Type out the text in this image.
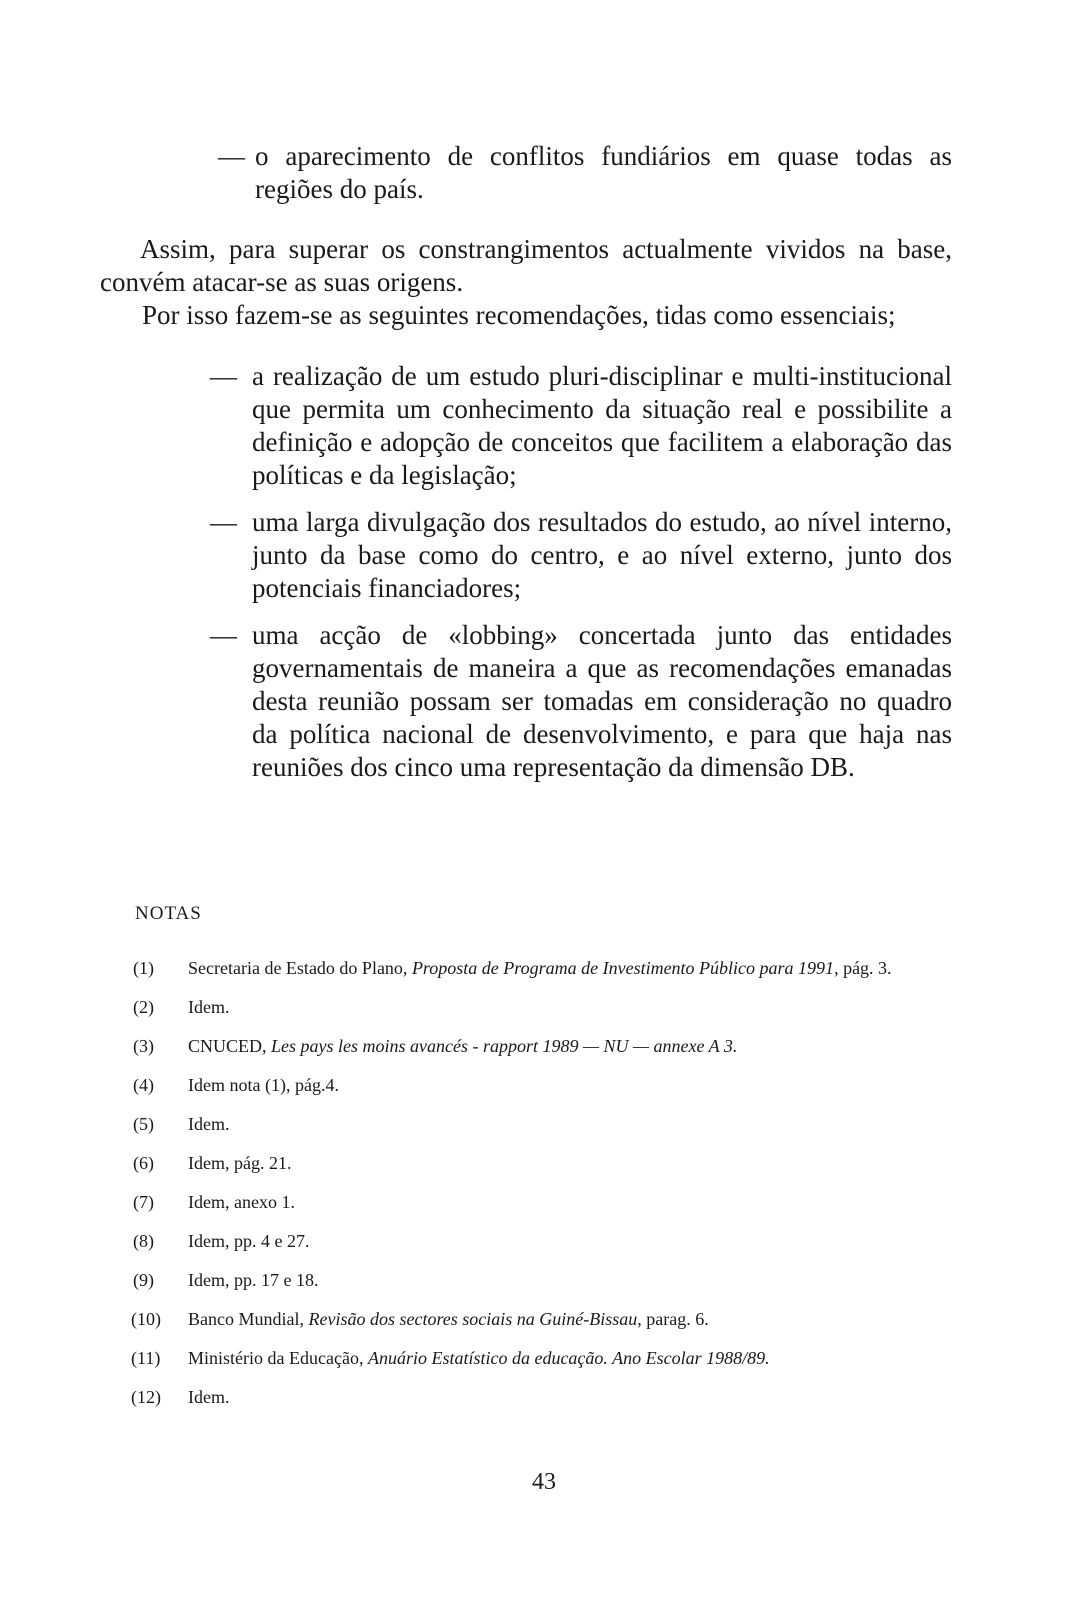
— o aparecimento de conflitos fundiários em quase todas as regiões do país.

Assim, para superar os constrangimentos actualmente vividos na base, convém atacar-se as suas origens.

Por isso fazem-se as seguintes recomendações, tidas como essenciais;

— a realização de um estudo pluri-disciplinar e multi-institucional que permita um conhecimento da situação real e possibilite a definição e adopção de conceitos que facilitem a elaboração das políticas e da legislação;

— uma larga divulgação dos resultados do estudo, ao nível interno, junto da base como do centro, e ao nível externo, junto dos potenciais financiadores;

— uma acção de «lobbing» concertada junto das entidades governamentais de maneira a que as recomendações emanadas desta reunião possam ser tomadas em consideração no quadro da política nacional de desenvolvimento, e para que haja nas reuniões dos cinco uma representação da dimensão DB.

NOTAS
(1) Secretaria de Estado do Plano, Proposta de Programa de Investimento Público para 1991, pág. 3.
(2) Idem.
(3) CNUCED, Les pays les moins avancés - rapport 1989 — NU — annexe A 3.
(4) Idem nota (1), pág.4.
(5) Idem.
(6) Idem, pág. 21.
(7) Idem, anexo 1.
(8) Idem, pp. 4 e 27.
(9) Idem, pp. 17 e 18.
(10) Banco Mundial, Revisão dos sectores sociais na Guiné-Bissau, parag. 6.
(11) Ministério da Educação, Anuário Estatístico da educação. Ano Escolar 1988/89.
(12) Idem.

43
